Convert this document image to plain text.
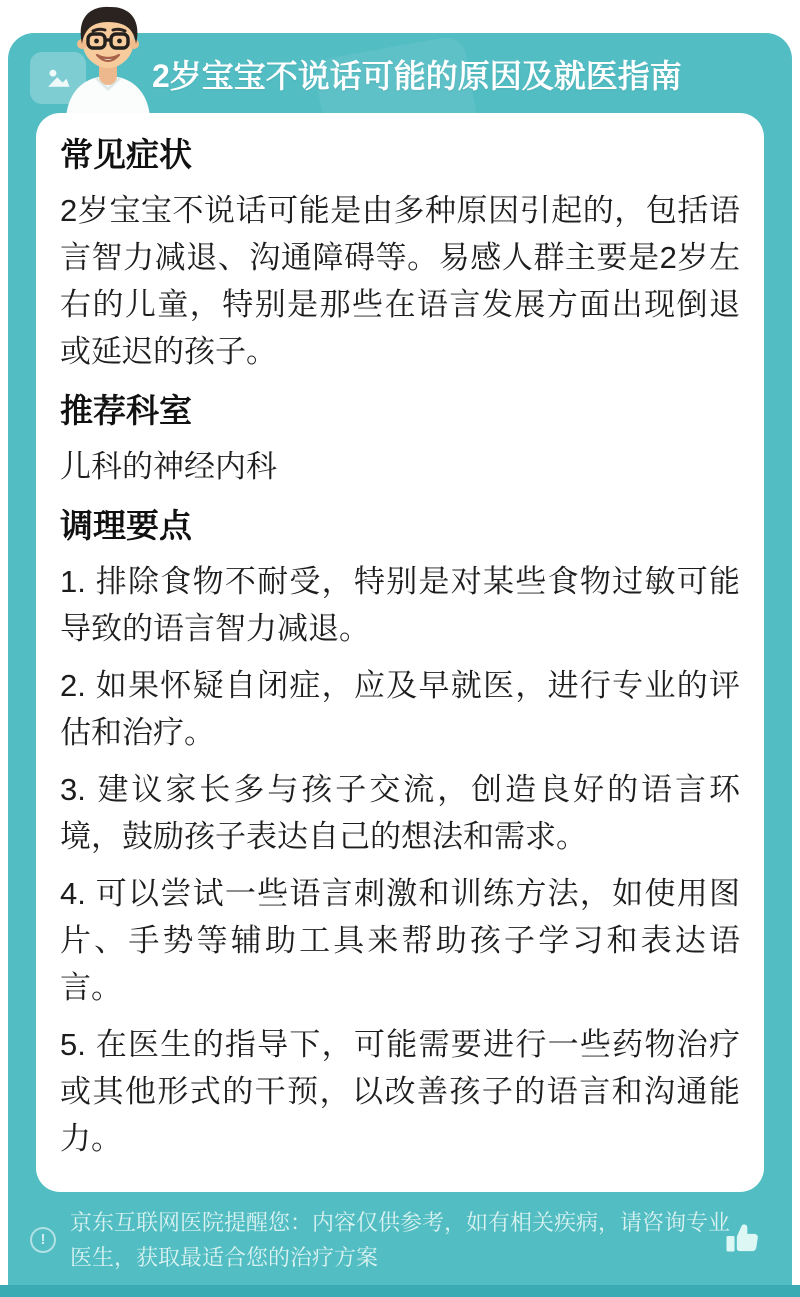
2岁宝宝不说话可能的原因及就医指南
常见症状

2岁宝宝不说话可能是由多种原因引起的，包括语言智力减退、沟通障碍等。易感人群主要是2岁左右的儿童，特别是那些在语言发展方面出现倒退或延迟的孩子。

推荐科室

儿科的神经内科

调理要点

1. 排除食物不耐受，特别是对某些食物过敏可能导致的语言智力减退。

2. 如果怀疑自闭症，应及早就医，进行专业的评估和治疗。

3. 建议家长多与孩子交流，创造良好的语言环境，鼓励孩子表达自己的想法和需求。

4. 可以尝试一些语言刺激和训练方法，如使用图片、手势等辅助工具来帮助孩子学习和表达语言。

5. 在医生的指导下，可能需要进行一些药物治疗或其他形式的干预，以改善孩子的语言和沟通能力。

!

京东互联网医院提醒您：内容仅供参考，如有相关疾病，请咨询专业医生，获取最适合您的治疗方案
